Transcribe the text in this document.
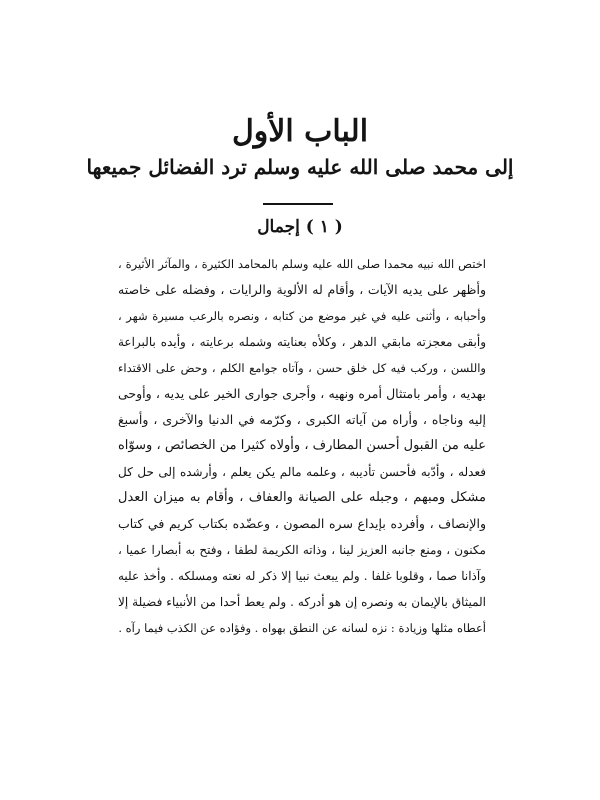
الباب الأول
إلى محمد صلى الله عليه وسلم ترد الفضائل جميعها
( ١ ) إجمال

اختص الله نبيه محمدا صلى الله عليه وسلم بالمحامد الكثيرة ، والمآثر الأثيرة ،

وأظهر على يديه الآيات ، وأقام له الألوية والرايات ، وفضله على خاصته

وأحبابه ، وأثنى عليه في غير موضع من كتابه ، ونصره بالرعب مسيرة شهر ،

وأبقى معجزته مابقي الدهر ، وكلأه بعنايته وشمله برعايته ، وأيده بالبراعة

واللسن ، ورکب فيه كل خلق حسن ، وآتاه جوامع الكلم ، وحض على الاقتداء

بهديه ، وأمر بامتثال أمره ونهيه ، وأجرى جوارى الخير على يديه ، وأوحى

إليه وناجاه ، وأراه من آياته الكبرى ، وكرّمه في الدنيا والآخرى ، وأسبغ

عليه من القبول أحسن المطارف ، وأولاه كثيرا من الخصائص ، وسوّاه

فعدله ، وأدّبه فأحسن تأديبه ، وعلمه مالم يكن يعلم ، وأرشده إلى حل كل

مشكل ومبهم ، وجبله على الصيانة والعفاف ، وأقام به ميزان العدل

والإنصاف ، وأفرده بإيداع سره المصون ، وعضّده بكتاب كريم في كتاب

مكنون ، ومنع جانبه العزيز لينا ، وذاته الكريمة لطفا ، وفتح به أبصارا عميا ،

وآذانا صما ، وقلوبا غلفا . ولم يبعث نبيا إلا ذكر له نعته ومسلكه . وأخذ عليه

الميثاق بالإيمان به ونصره إن هو أدركه . ولم يعط أحدا من الأنبياء فضيلة إلا

أعطاه مثلها وزيادة : نزه لسانه عن النطق بهواه . وفؤاده عن الكذب فيما رآه .
